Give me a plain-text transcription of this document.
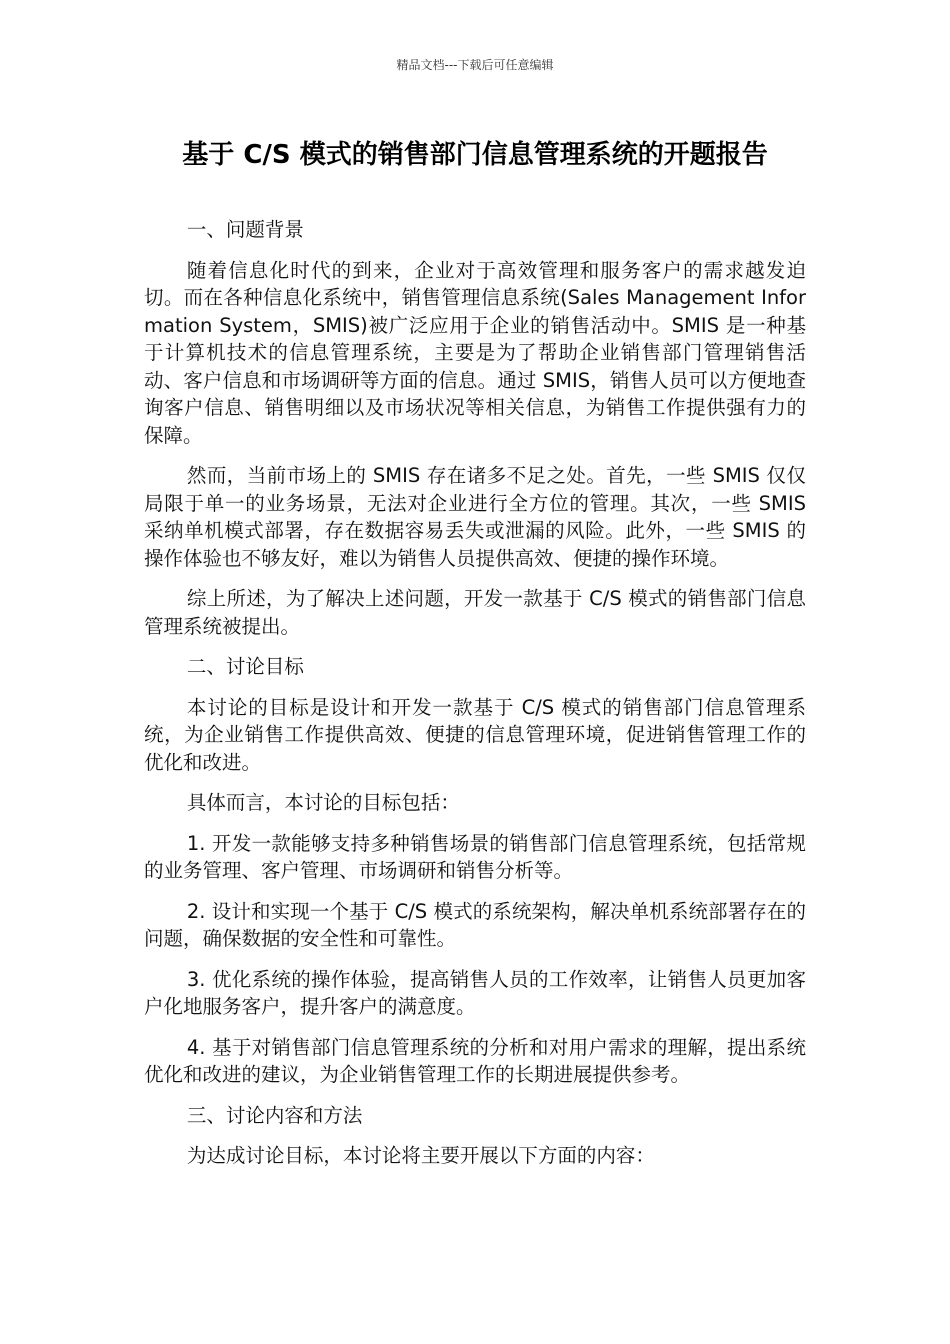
精品文档---下载后可任意编辑
基于 C/S 模式的销售部门信息管理系统的开题报告

一、问题背景

随着信息化时代的到来，企业对于高效管理和服务客户的需求越发迫切。而在各种信息化系统中，销售管理信息系统(Sales Management Information System，SMIS)被广泛应用于企业的销售活动中。SMIS 是一种基于计算机技术的信息管理系统，主要是为了帮助企业销售部门管理销售活动、客户信息和市场调研等方面的信息。通过 SMIS，销售人员可以方便地查询客户信息、销售明细以及市场状况等相关信息，为销售工作提供强有力的保障。

然而，当前市场上的 SMIS 存在诸多不足之处。首先，一些 SMIS 仅仅局限于单一的业务场景，无法对企业进行全方位的管理。其次，一些 SMIS 采纳单机模式部署，存在数据容易丢失或泄漏的风险。此外，一些 SMIS 的操作体验也不够友好，难以为销售人员提供高效、便捷的操作环境。

综上所述，为了解决上述问题，开发一款基于 C/S 模式的销售部门信息管理系统被提出。

二、讨论目标

本讨论的目标是设计和开发一款基于 C/S 模式的销售部门信息管理系统，为企业销售工作提供高效、便捷的信息管理环境，促进销售管理工作的优化和改进。

具体而言，本讨论的目标包括：

1. 开发一款能够支持多种销售场景的销售部门信息管理系统，包括常规的业务管理、客户管理、市场调研和销售分析等。

2. 设计和实现一个基于 C/S 模式的系统架构，解决单机系统部署存在的问题，确保数据的安全性和可靠性。

3. 优化系统的操作体验，提高销售人员的工作效率，让销售人员更加客户化地服务客户，提升客户的满意度。

4. 基于对销售部门信息管理系统的分析和对用户需求的理解，提出系统优化和改进的建议，为企业销售管理工作的长期进展提供参考。

三、讨论内容和方法

为达成讨论目标，本讨论将主要开展以下方面的内容：
